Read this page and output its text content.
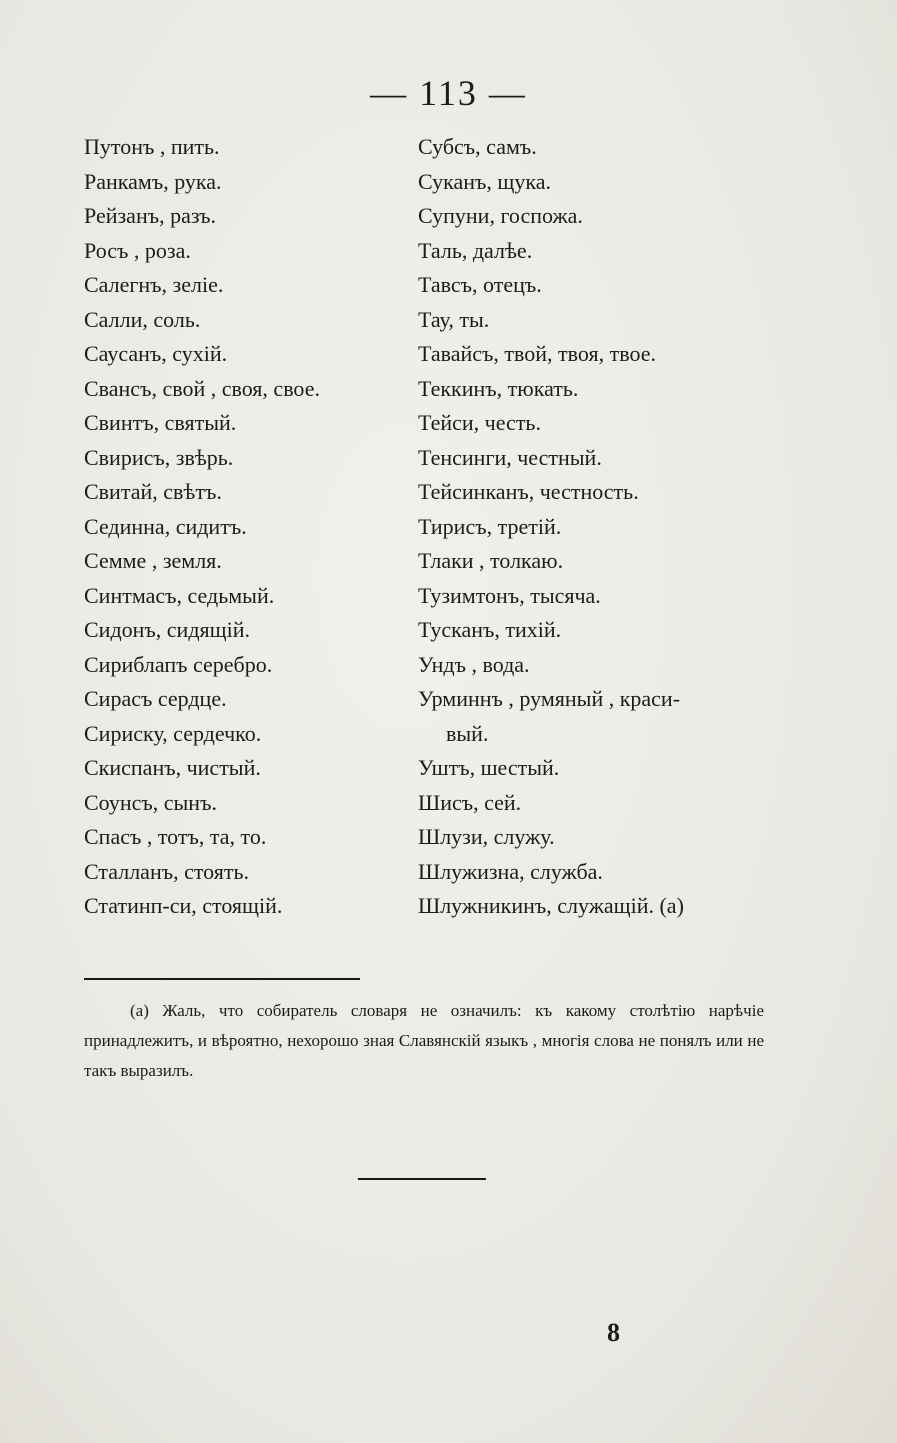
— 113 —
Путонъ , пить.
Ранкамъ, рука.
Рейзанъ, разъ.
Росъ , роза.
Салегнъ, зеліе.
Салли, соль.
Саусанъ, сухій.
Свансъ, свой , своя, свое.
Свинтъ, святый.
Свирисъ, звѣрь.
Свитай, свѣтъ.
Сединна, сидитъ.
Семме , земля.
Синтмасъ, седьмый.
Сидонъ, сидящій.
Сириблапъ серебро.
Сирасъ сердце.
Сириску, сердечко.
Скиспанъ, чистый.
Соунсъ, сынъ.
Спасъ , тотъ, та, то.
Сталланъ, стоять.
Статинп-си, стоящій.
Субсъ, самъ.
Суканъ, щука.
Супуни, госпожа.
Таль, далѣе.
Тавсъ, отецъ.
Тау, ты.
Тавайсъ, твой, твоя, твое.
Теккинъ, тюкать.
Тейси, честь.
Тенсинги, честный.
Тейсинканъ, честность.
Тирисъ, третій.
Тлаки , толкаю.
Тузимтонъ, тысяча.
Тусканъ, тихій.
Ундъ , вода.
Урминнъ , румяный , краси-
вый.
Уштъ, шестый.
Шисъ, сей.
Шлузи, служу.
Шлужизна, служба.
Шлужникинъ, служащій. (а)
(а) Жаль, что собиратель словаря не означилъ: къ какому столѣтію нарѣчіе принадлежитъ, и вѣроятно, нехорошо зная Славянскій языкъ , многія слова не понялъ или не такъ выразилъ.
8
